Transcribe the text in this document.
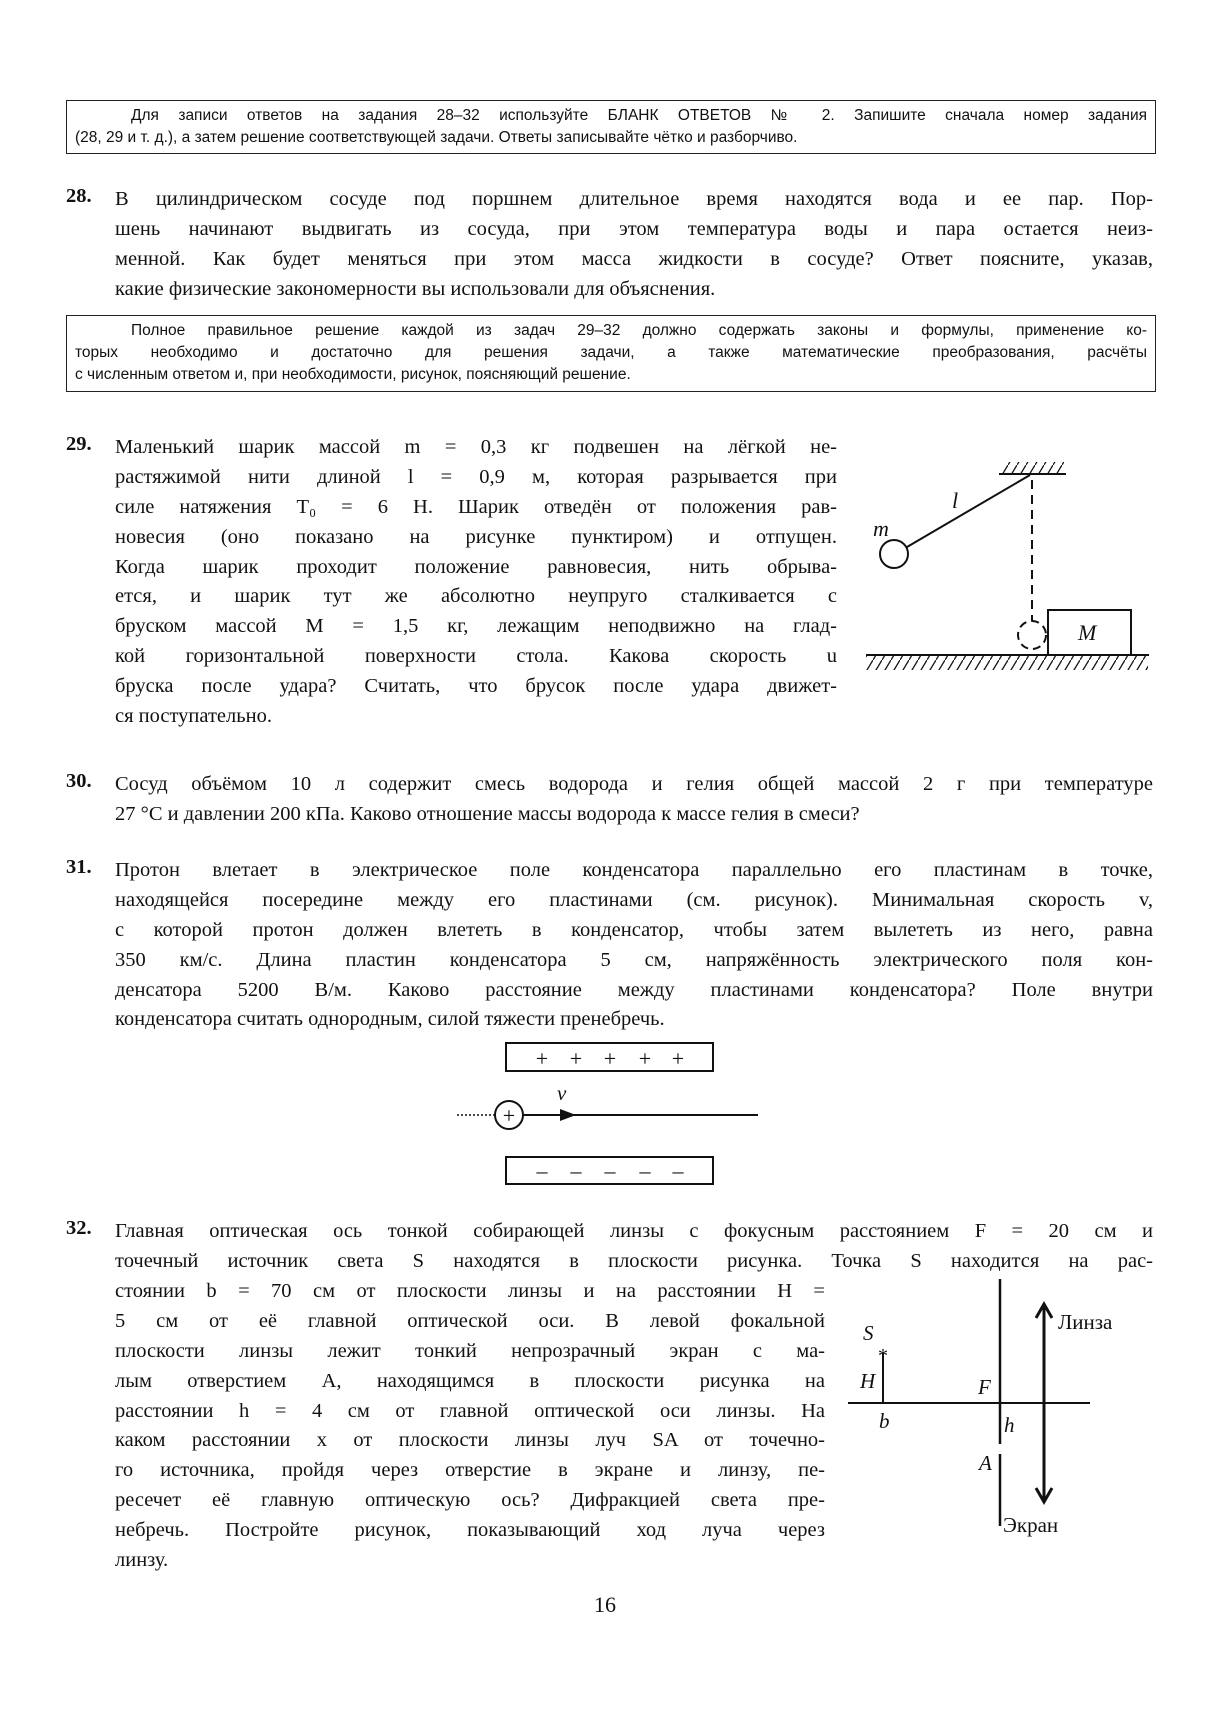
Для записи ответов на задания 28–32 используйте БЛАНК ОТВЕТОВ № 2. Запишите сначала номер задания
(28, 29 и т. д.), а затем решение соответствующей задачи. Ответы записывайте чётко и разборчиво.
28. В цилиндрическом сосуде под поршнем длительное время находятся вода и ее пар. Пор-
шень начинают выдвигать из сосуда, при этом температура воды и пара остается неиз-
менной. Как будет меняться при этом масса жидкости в сосуде? Ответ поясните, указав,
какие физические закономерности вы использовали для объяснения.
Полное правильное решение каждой из задач 29–32 должно содержать законы и формулы, применение ко-
торых необходимо и достаточно для решения задачи, а также математические преобразования, расчёты
с численным ответом и, при необходимости, рисунок, поясняющий решение.
29. Маленький шарик массой m = 0,3 кг подвешен на лёгкой не-
растяжимой нити длиной l = 0,9 м, которая разрывается при
силе натяжения T₀ = 6 Н. Шарик отведён от положения рав-
новесия (оно показано на рисунке пунктиром) и отпущен.
Когда шарик проходит положение равновесия, нить обрыва-
ется, и шарик тут же абсолютно неупруго сталкивается с
бруском массой M = 1,5 кг, лежащим неподвижно на глад-
кой горизонтальной поверхности стола. Какова скорость u
бруска после удара? Считать, что брусок после удара движет-
ся поступательно.
30. Сосуд объёмом 10 л содержит смесь водорода и гелия общей массой 2 г при температуре
27 °С и давлении 200 кПа. Каково отношение массы водорода к массе гелия в смеси?
31. Протон влетает в электрическое поле конденсатора параллельно его пластинам в точке,
находящейся посередине между его пластинами (см. рисунок). Минимальная скорость v,
с которой протон должен влететь в конденсатор, чтобы затем вылететь из него, равна
350 км/с. Длина пластин конденсатора 5 см, напряжённость электрического поля кон-
денсатора 5200 В/м. Каково расстояние между пластинами конденсатора? Поле внутри
конденсатора считать однородным, силой тяжести пренебречь.
32. Главная оптическая ось тонкой собирающей линзы с фокусным расстоянием F = 20 см и
точечный источник света S находятся в плоскости рисунка. Точка S находится на рас-
стоянии b = 70 см от плоскости линзы и на расстоянии H =
5 см от её главной оптической оси. В левой фокальной
плоскости линзы лежит тонкий непрозрачный экран с ма-
лым отверстием A, находящимся в плоскости рисунка на
расстоянии h = 4 см от главной оптической оси линзы. На
каком расстоянии x от плоскости линзы луч SA от точечно-
го источника, пройдя через отверстие в экране и линзу, пе-
ресечет её главную оптическую ось? Дифракцией света пре-
небречь. Постройте рисунок, показывающий ход луча через
линзу.
m
l
M
+ + + + +
+
v⃗
– – – – –
*
S
H
b
F
h
A
Экран
Линза
16
